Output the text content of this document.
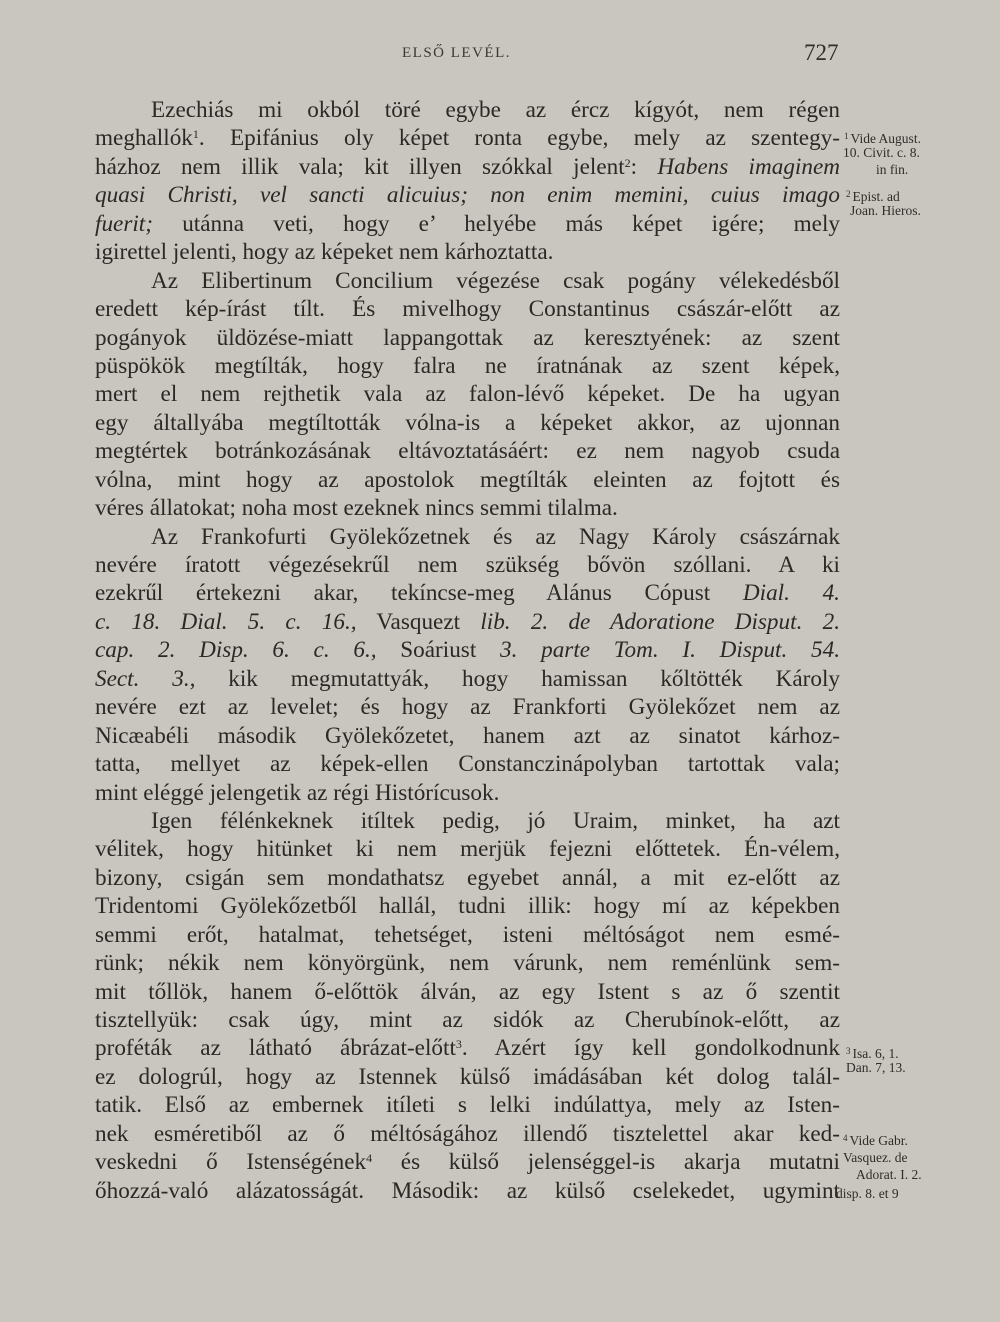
ELSŐ LEVÉL.	727
Ezechiás mi okból töré egybe az ércz kígyót, nem régen
meghallók$^1$. Epifánius oly képet ronta egybe, mely az szentegy-
házhoz nem illik vala; kit illyen szókkal jelent$^2$: Habens imaginem
quasi Christi, vel sancti alicuius; non enim memini, cuius imago
fuerit; utánna veti, hogy e’ helyébe más képet igére; mely
igirettel jelenti, hogy az képeket nem kárhoztatta.
Az Elibertinum Concilium végezése csak pogány vélekedésből
eredett kép-írást tílt. És mivelhogy Constantinus császár-előtt az
pogányok üldözése-miatt lappangottak az keresztyének: az szent
püspökök megtílták, hogy falra ne íratnának az szent képek,
mert el nem rejthetik vala az falon-lévő képeket. De ha ugyan
egy általlyába megtíltották vólna-is a képeket akkor, az ujonnan
megtértek botránkozásának eltávoztatásáért: ez nem nagyob csuda
vólna, mint hogy az apostolok megtílták eleinten az fojtott és
véres állatokat; noha most ezeknek nincs semmi tilalma.
Az Frankofurti Gyölekőzetnek és az Nagy Károly császárnak
nevére íratott végezésekrűl nem szükség bővön szóllani. A ki
ezekrűl értekezni akar, tekíncse-meg Alánus Cópust Dial. 4.
c. 18. Dial. 5. c. 16., Vasquezt lib. 2. de Adoratione Disput. 2.
cap. 2. Disp. 6. c. 6., Soáriust 3. parte Tom. I. Disput. 54.
Sect. 3., kik megmutattyák, hogy hamissan kőltötték Károly
nevére ezt az levelet; és hogy az Frankforti Gyölekőzet nem az
Nicæabéli második Gyölekőzetet, hanem azt az sinatot kárhoz-
tatta, mellyet az képek-ellen Constanczinápolyban tartottak vala;
mint eléggé jelengetik az régi Histórícusok.
Igen félénkeknek itíltek pedig, jó Uraim, minket, ha azt
vélitek, hogy hitünket ki nem merjük fejezni előttetek. Én-vélem,
bizony, csigán sem mondathatsz egyebet annál, a mit ez-előtt az
Tridentomi Gyölekőzetből hallál, tudni illik: hogy mí az képekben
semmi erőt, hatalmat, tehetséget, isteni méltóságot nem esmé-
rünk; nékik nem könyörgünk, nem várunk, nem reménlünk sem-
mit tőllök, hanem ő-előttök álván, az egy Istent s az ő szentit
tisztellyük: csak úgy, mint az sidók az Cherubínok-előtt, az
proféták az látható ábrázat-előtt$^3$. Azért így kell gondolkodnunk
ez dologrúl, hogy az Istennek külső imádásában két dolog talál-
tatik. Első az embernek itíleti s lelki indúlattya, mely az Isten-
nek esméretiből az ő méltóságához illendő tisztelettel akar ked-
veskedni ő Istenségének$^4$ és külső jelenséggel-is akarja mutatni
őhozzá-való alázatosságát. Második: az külső cselekedet, ugymint
$^1$ Vide August.
10. Civit. c. 8.
in fin.
$^2$ Epist. ad
Joan. Hieros.
$^3$ Isa. 6, 1.
Dan. 7, 13.
$^4$ Vide Gabr.
Vasquez. de
Adorat. I. 2.
disp. 8. et 9
